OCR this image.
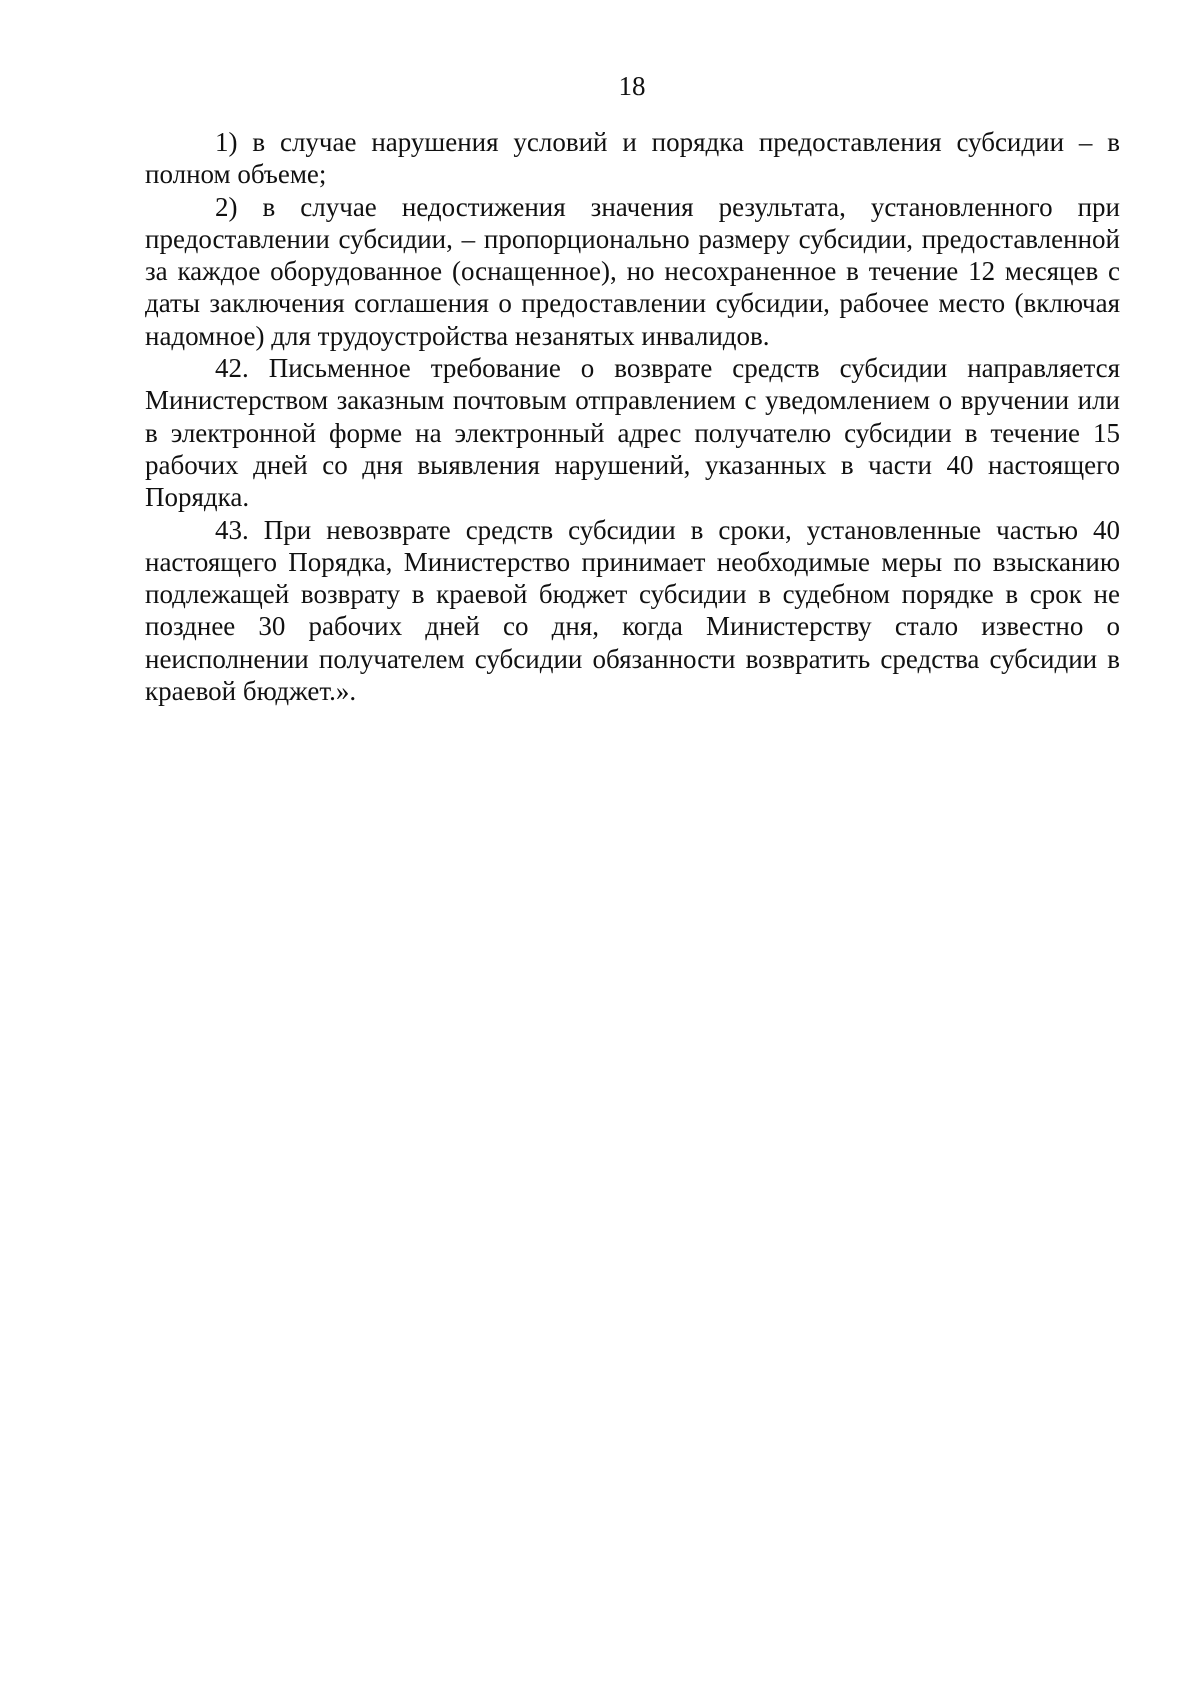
18

1) в случае нарушения условий и порядка предоставления субсидии – в полном объеме;

2) в случае недостижения значения результата, установленного при предоставлении субсидии, – пропорционально размеру субсидии, предоставленной за каждое оборудованное (оснащенное), но несохраненное в течение 12 месяцев с даты заключения соглашения о предоставлении субсидии, рабочее место (включая надомное) для трудоустройства незанятых инвалидов.

42. Письменное требование о возврате средств субсидии направляется Министерством заказным почтовым отправлением с уведомлением о вручении или в электронной форме на электронный адрес получателю субсидии в течение 15 рабочих дней со дня выявления нарушений, указанных в части 40 настоящего Порядка.

43. При невозврате средств субсидии в сроки, установленные частью 40 настоящего Порядка, Министерство принимает необходимые меры по взысканию подлежащей возврату в краевой бюджет субсидии в судебном порядке в срок не позднее 30 рабочих дней со дня, когда Министерству стало известно о неисполнении получателем субсидии обязанности возвратить средства субсидии в краевой бюджет.».
